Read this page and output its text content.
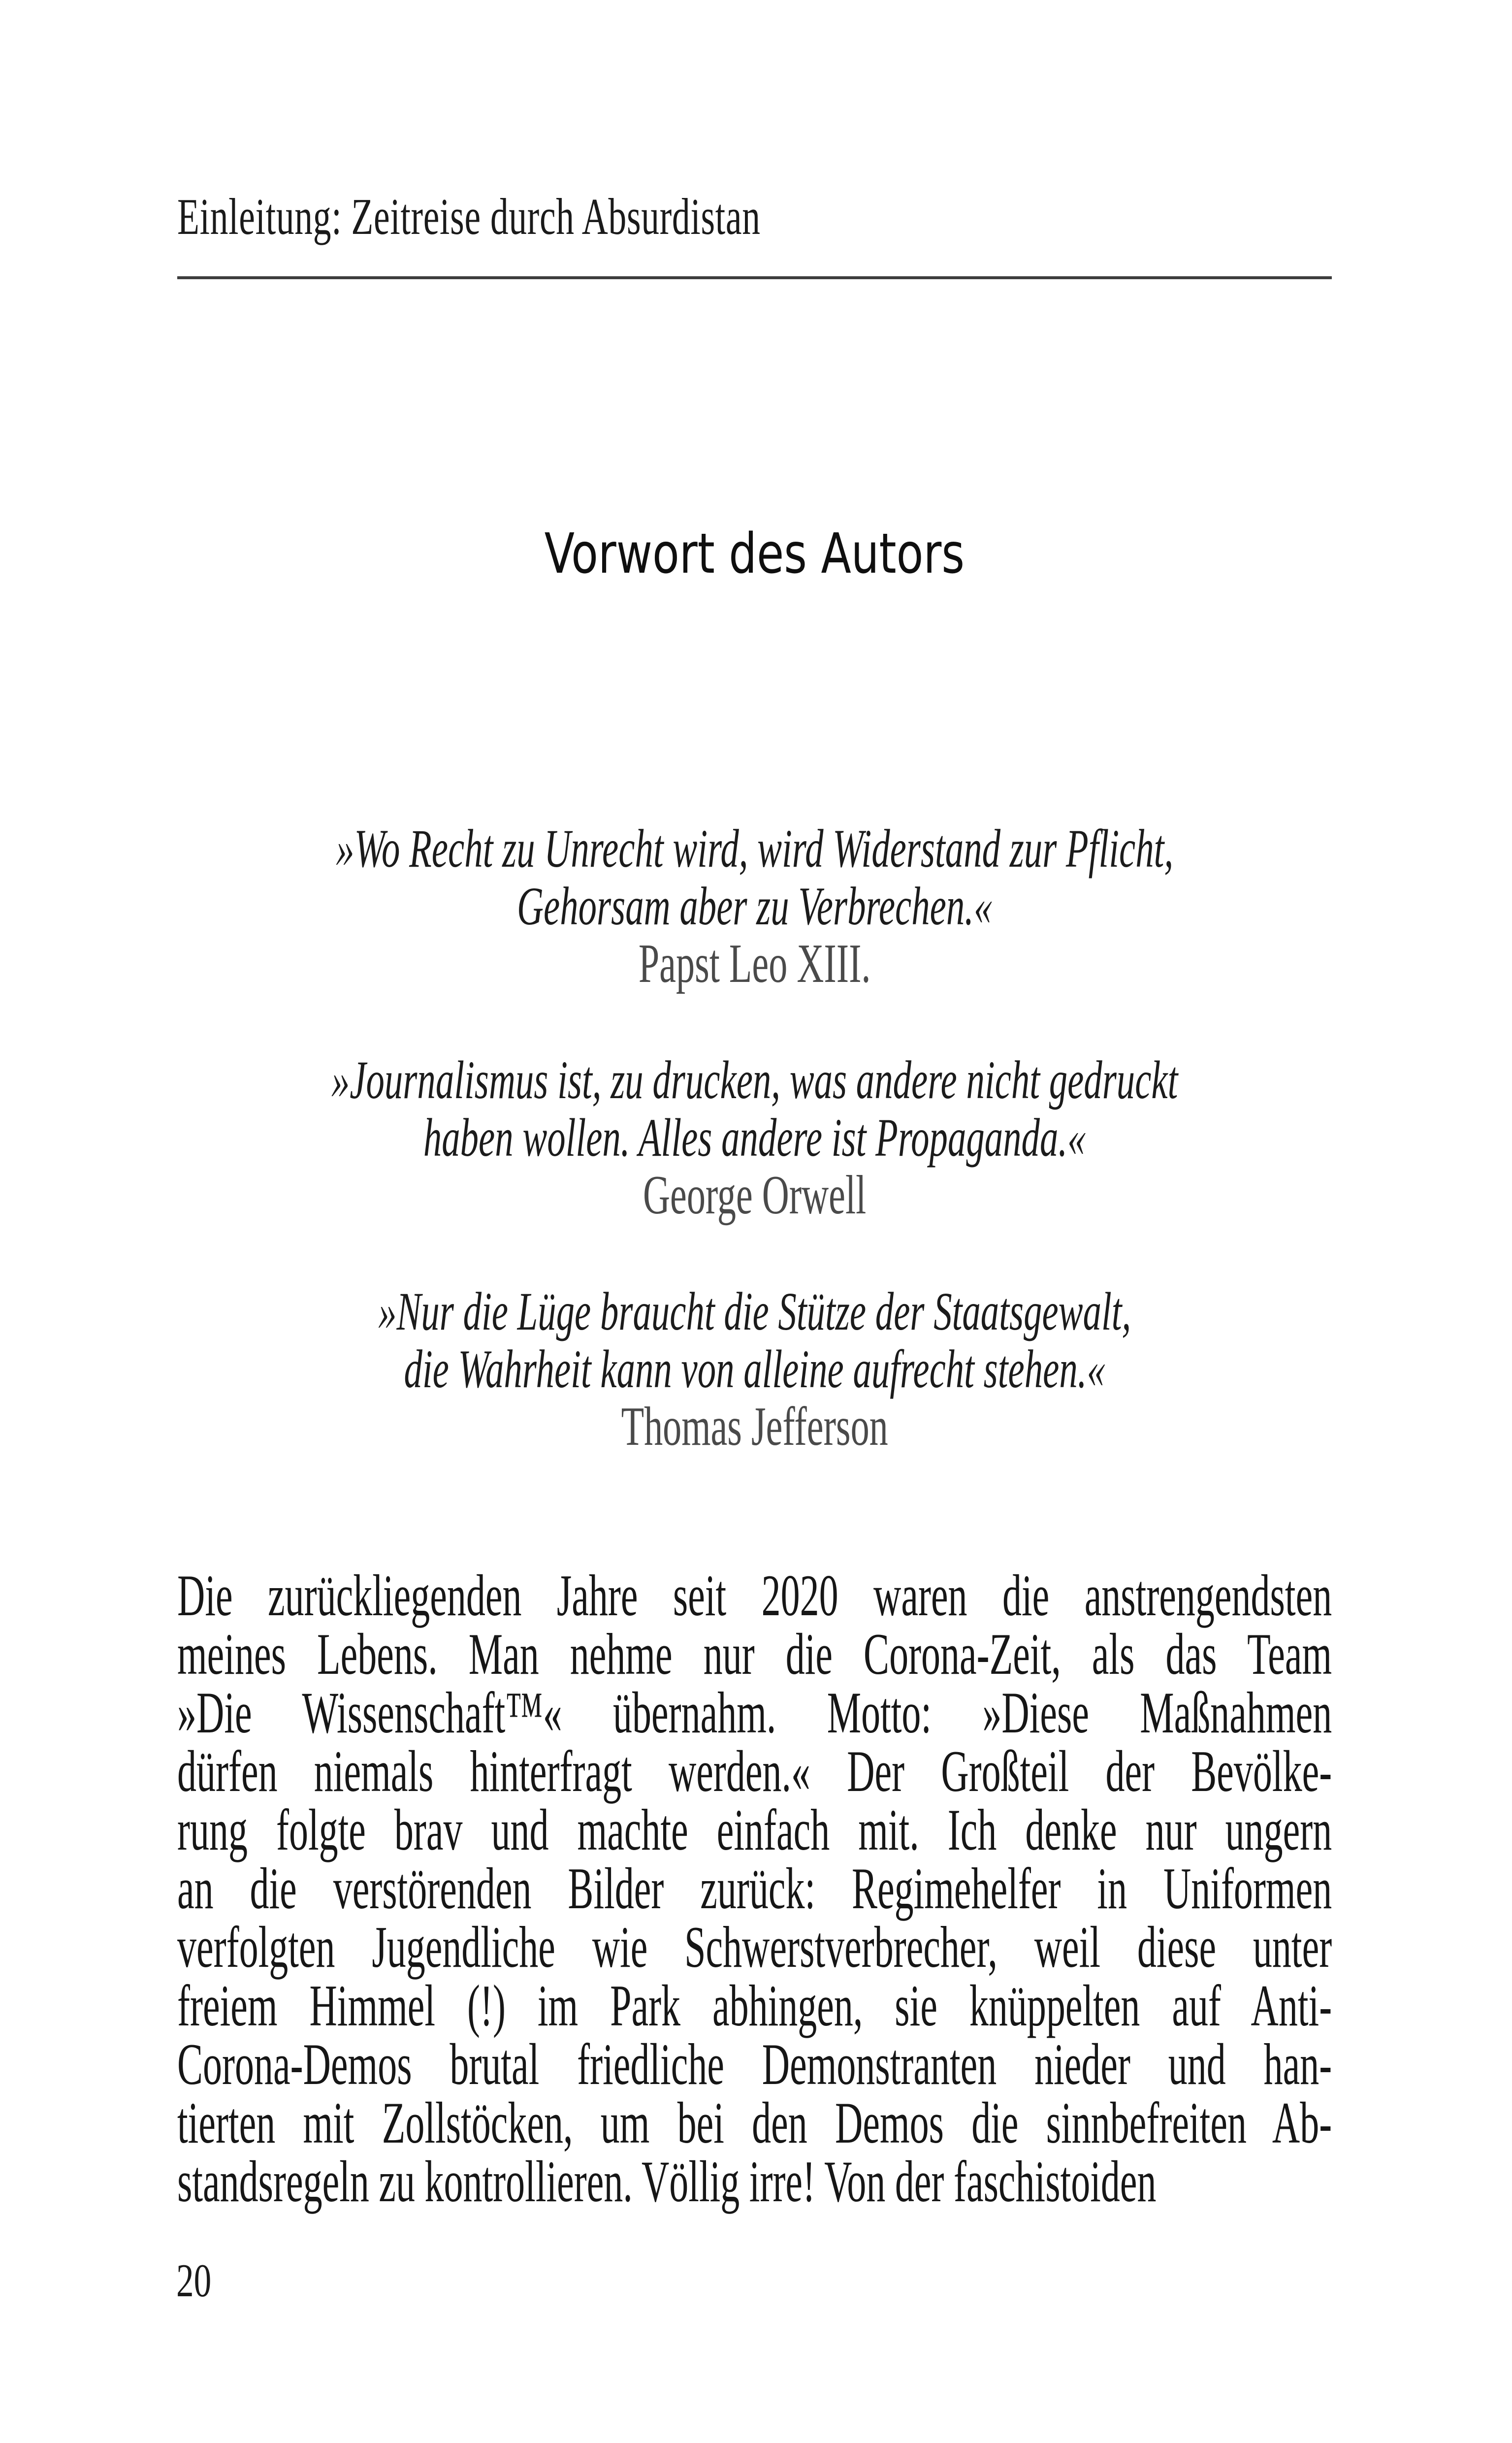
Einleitung: Zeitreise durch Absurdistan
Vorwort des Autors
»Wo Recht zu Unrecht wird, wird Widerstand zur Pflicht,
Gehorsam aber zu Verbrechen.«
Papst Leo XIII.
»Journalismus ist, zu drucken, was andere nicht gedruckt
haben wollen. Alles andere ist Propaganda.«
George Orwell
»Nur die Lüge braucht die Stütze der Staatsgewalt,
die Wahrheit kann von alleine aufrecht stehen.«
Thomas Jefferson
Die zurückliegenden Jahre seit 2020 waren die anstrengendsten
meines Lebens. Man nehme nur die Corona-Zeit, als das Team
»Die Wissenschaft™« übernahm. Motto: »Diese Maßnahmen
dürfen niemals hinterfragt werden.« Der Großteil der Bevölke-
rung folgte brav und machte einfach mit. Ich denke nur ungern
an die verstörenden Bilder zurück: Regimehelfer in Uniformen
verfolgten Jugendliche wie Schwerstverbrecher, weil diese unter
freiem Himmel (!) im Park abhingen, sie knüppelten auf Anti-
Corona-Demos brutal friedliche Demonstranten nieder und han-
tierten mit Zollstöcken, um bei den Demos die sinnbefreiten Ab-
standsregeln zu kontrollieren. Völlig irre! Von der faschistoiden
20
